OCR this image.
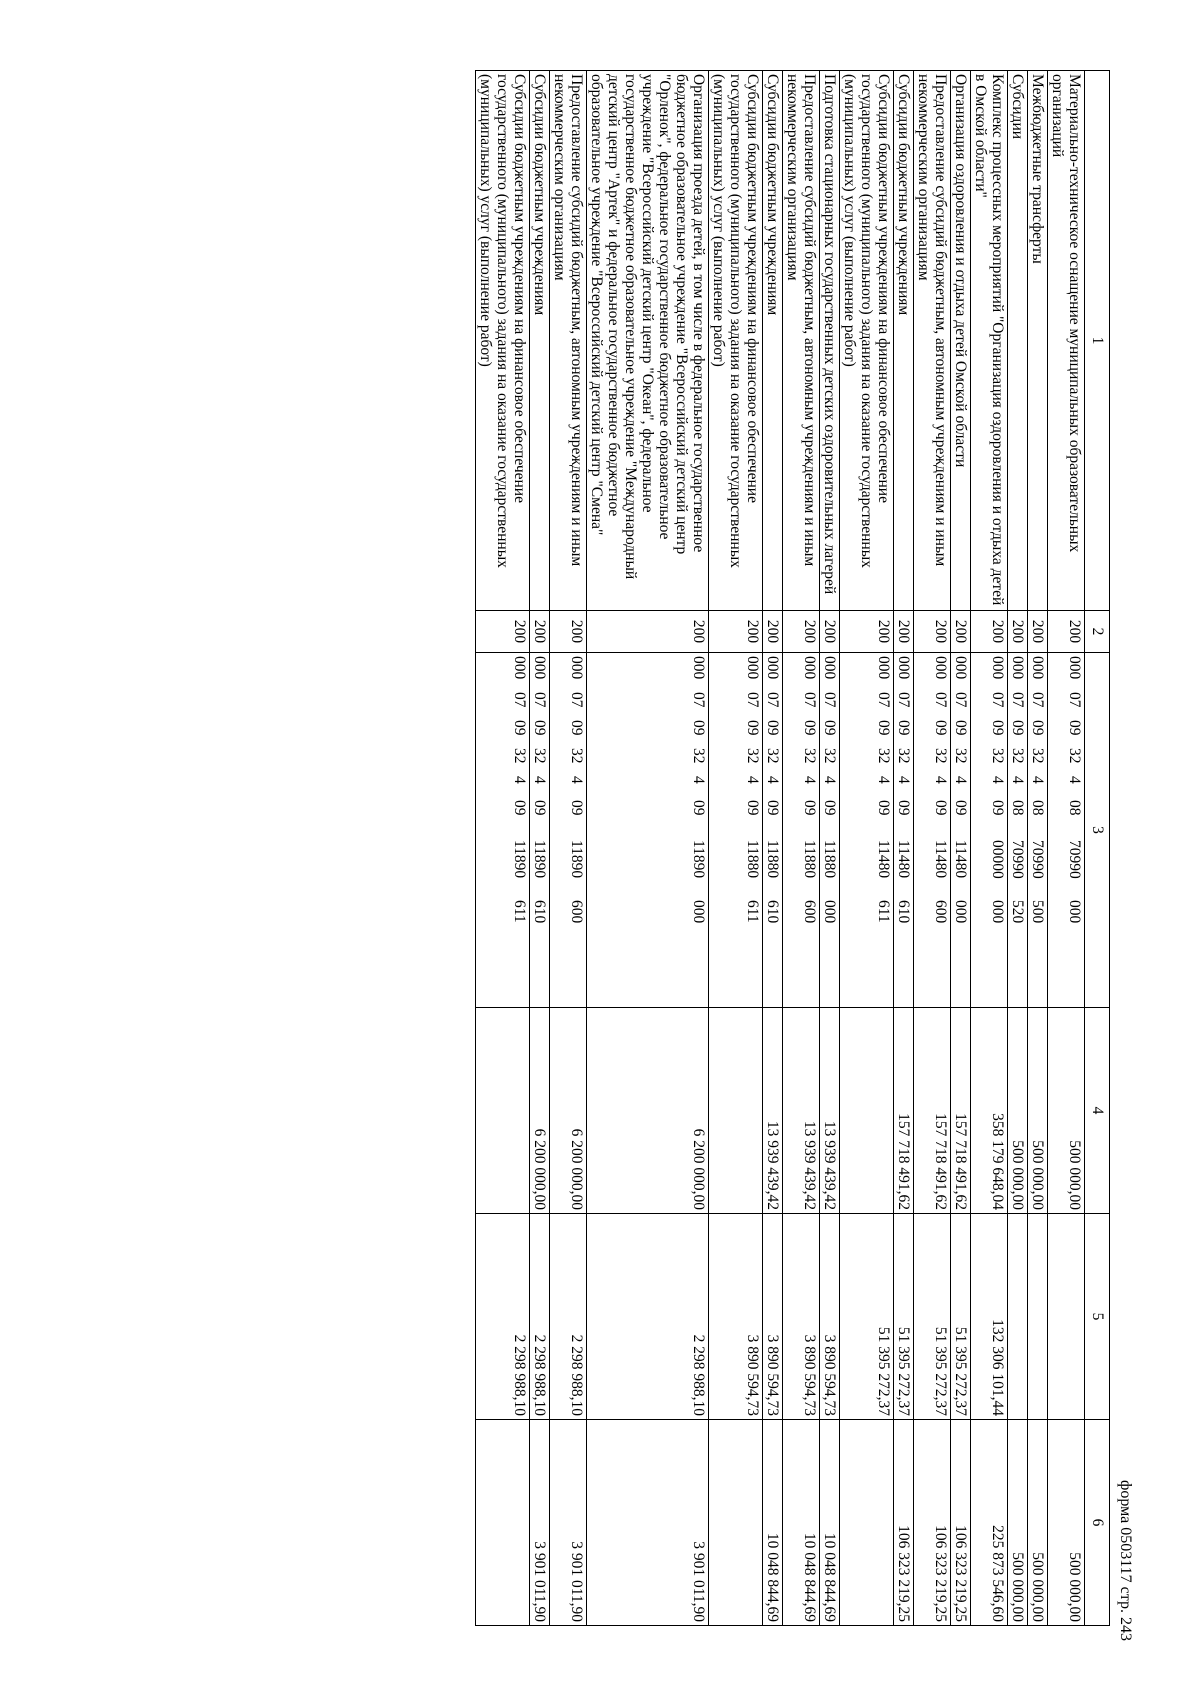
форма 0503117 стр. 243
1	2	3	4	5	6
Материально-техническое оснащение муниципальных образовательных организаций	200	00007093240870990000	500 000,00		500 000,00
Межбюджетные трансферты	200	00007093240870990500	500 000,00		500 000,00
Субсидии	200	00007093240870990520	500 000,00		500 000,00
Комплекс процессных мероприятий "Организация оздоровления и отдыха детей в Омской области"	200	00007093240900000000	358 179 648,04	132 306 101,44	225 873 546,60
Организация оздоровления и отдыха детей Омской области	200	00007093240911480000	157 718 491,62	51 395 272,37	106 323 219,25
Предоставление субсидий бюджетным, автономным учреждениям и иным некоммерческим организациям	200	00007093240911480600	157 718 491,62	51 395 272,37	106 323 219,25
Субсидии бюджетным учреждениям	200	00007093240911480610	157 718 491,62	51 395 272,37	106 323 219,25
Субсидии бюджетным учреждениям на финансовое обеспечение государственного (муниципального) задания на оказание государственных (муниципальных) услуг (выполнение работ)	200	00007093240911480611		51 395 272,37	
Подготовка стационарных государственных детских оздоровительных лагерей	200	00007093240911880000	13 939 439,42	3 890 594,73	10 048 844,69
Предоставление субсидий бюджетным, автономным учреждениям и иным некоммерческим организациям	200	00007093240911880600	13 939 439,42	3 890 594,73	10 048 844,69
Субсидии бюджетным учреждениям	200	00007093240911880610	13 939 439,42	3 890 594,73	10 048 844,69
Субсидии бюджетным учреждениям на финансовое обеспечение государственного (муниципального) задания на оказание государственных (муниципальных) услуг (выполнение работ)	200	00007093240911880611		3 890 594,73	
Организация проезда детей, в том числе в федеральное государственное бюджетное образовательное учреждение "Всероссийский детский центр "Орленок", федеральное государственное бюджетное образовательное учреждение "Всероссийский детский центр "Океан", федеральное государственное бюджетное образовательное учреждение "Международный детский центр "Артек" и федеральное государственное бюджетное образовательное учреждение "Всероссийский детский центр "Смена"	200	00007093240911890000	6 200 000,00	2 298 988,10	3 901 011,90
Предоставление субсидий бюджетным, автономным учреждениям и иным некоммерческим организациям	200	00007093240911890600	6 200 000,00	2 298 988,10	3 901 011,90
Субсидии бюджетным учреждениям	200	00007093240911890610	6 200 000,00	2 298 988,10	3 901 011,90
Субсидии бюджетным учреждениям на финансовое обеспечение государственного (муниципального) задания на оказание государственных (муниципальных) услуг (выполнение работ)	200	00007093240911890611		2 298 988,10	
